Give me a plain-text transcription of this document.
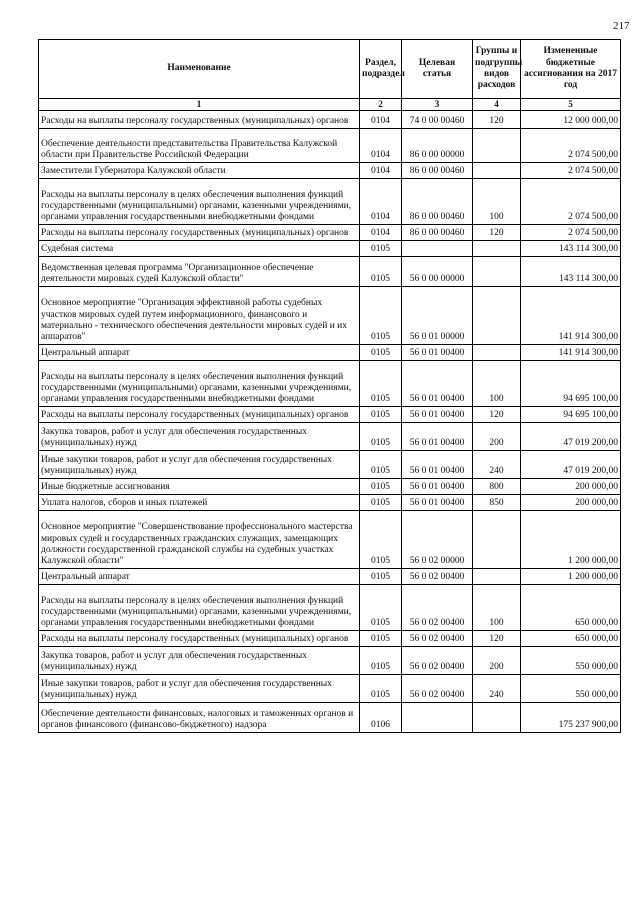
217
Наименование	Раздел, подраздел	Целевая статья	Группы и подгруппы видов расходов	Измененные бюджетные ассигнования на 2017 год
1	2	3	4	5
Расходы на выплаты персоналу государственных (муниципальных) органов	0104	74 0 00 00460	120	12 000 000,00
Обеспечение деятельности представительства Правительства Калужской области при Правительстве Российской Федерации	0104	86 0 00 00000		2 074 500,00
Заместители Губернатора Калужской области	0104	86 0 00 00460		2 074 500,00
Расходы на выплаты персоналу в целях обеспечения выполнения функций государственными (муниципальными) органами, казенными учреждениями, органами управления государственными внебюджетными фондами	0104	86 0 00 00460	100	2 074 500,00
Расходы на выплаты персоналу государственных (муниципальных) органов	0104	86 0 00 00460	120	2 074 500,00
Судебная система	0105			143 114 300,00
Ведомственная целевая программа "Организационное обеспечение деятельности мировых судей Калужской области"	0105	56 0 00 00000		143 114 300,00
Основное мероприятие "Организация эффективной работы судебных участков мировых судей путем информационного, финансового и материально - технического обеспечения деятельности мировых судей и их аппаратов"	0105	56 0 01 00000		141 914 300,00
Центральный аппарат	0105	56 0 01 00400		141 914 300,00
Расходы на выплаты персоналу в целях обеспечения выполнения функций государственными (муниципальными) органами, казенными учреждениями, органами управления государственными внебюджетными фондами	0105	56 0 01 00400	100	94 695 100,00
Расходы на выплаты персоналу государственных (муниципальных) органов	0105	56 0 01 00400	120	94 695 100,00
Закупка товаров, работ и услуг для обеспечения государственных (муниципальных) нужд	0105	56 0 01 00400	200	47 019 200,00
Иные закупки товаров, работ и услуг для обеспечения государственных (муниципальных) нужд	0105	56 0 01 00400	240	47 019 200,00
Иные бюджетные ассигнования	0105	56 0 01 00400	800	200 000,00
Уплата налогов, сборов и иных платежей	0105	56 0 01 00400	850	200 000,00
Основное мероприятие "Совершенствование профессионального мастерства мировых судей и государственных гражданских служащих, замещающих должности государственной гражданской службы на судебных участках Калужской области"	0105	56 0 02 00000		1 200 000,00
Центральный аппарат	0105	56 0 02 00400		1 200 000,00
Расходы на выплаты персоналу в целях обеспечения выполнения функций государственными (муниципальными) органами, казенными учреждениями, органами управления государственными внебюджетными фондами	0105	56 0 02 00400	100	650 000,00
Расходы на выплаты персоналу государственных (муниципальных) органов	0105	56 0 02 00400	120	650 000,00
Закупка товаров, работ и услуг для обеспечения государственных (муниципальных) нужд	0105	56 0 02 00400	200	550 000,00
Иные закупки товаров, работ и услуг для обеспечения государственных (муниципальных) нужд	0105	56 0 02 00400	240	550 000,00
Обеспечение деятельности финансовых, налоговых и таможенных органов и органов финансового (финансово-бюджетного) надзора	0106			175 237 900,00
